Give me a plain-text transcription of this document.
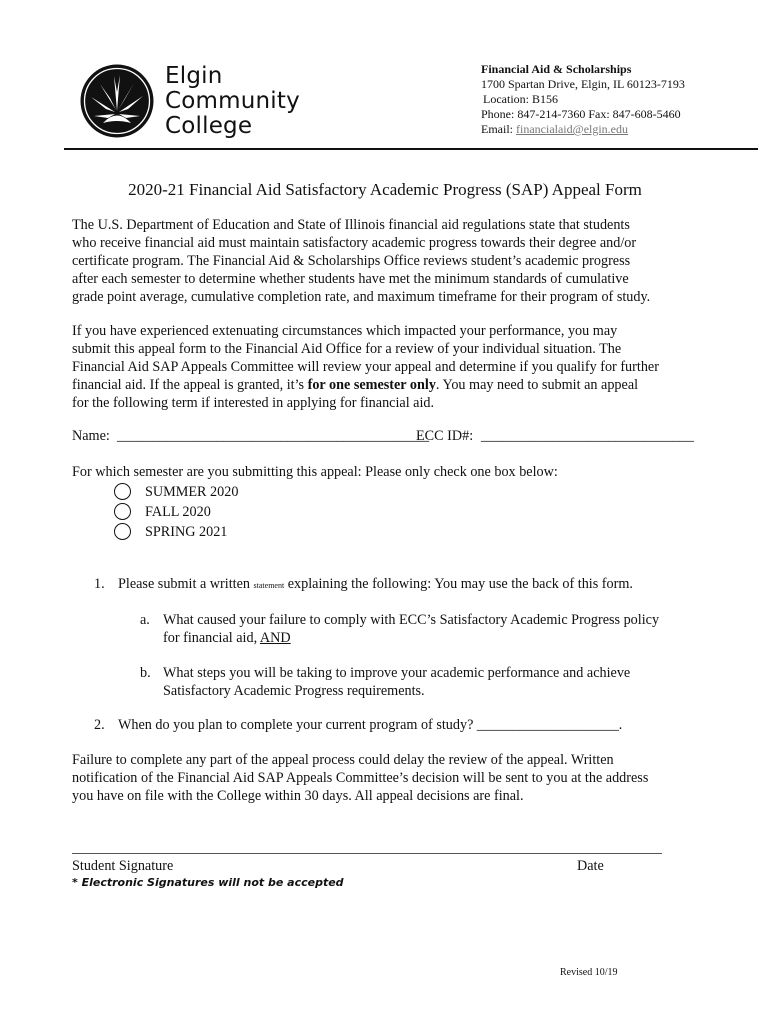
Elgin
Community
College
Financial Aid & Scholarships
1700 Spartan Drive, Elgin, IL 60123-7193
Location: B156
Phone: 847-214-7360 Fax: 847-608-5460
Email: financialaid@elgin.edu
2020-21 Financial Aid Satisfactory Academic Progress (SAP) Appeal Form
The U.S. Department of Education and State of Illinois financial aid regulations state that students
who receive financial aid must maintain satisfactory academic progress towards their degree and/or
certificate program. The Financial Aid & Scholarships Office reviews student’s academic progress
after each semester to determine whether students have met the minimum standards of cumulative
grade point average, cumulative completion rate, and maximum timeframe for their program of study.
If you have experienced extenuating circumstances which impacted your performance, you may
submit this appeal form to the Financial Aid Office for a review of your individual situation. The
Financial Aid SAP Appeals Committee will review your appeal and determine if you qualify for further
financial aid. If the appeal is granted, it’s for one semester only. You may need to submit an appeal
for the following term if interested in applying for financial aid.
Name: ____________________________________________
ECC ID#: ______________________________
For which semester are you submitting this appeal: Please only check one box below:
SUMMER 2020
FALL 2020
SPRING 2021
1. Please submit a written statement explaining the following: You may use the back of this form.
a. What caused your failure to comply with ECC’s Satisfactory Academic Progress policy
for financial aid, AND
b. What steps you will be taking to improve your academic performance and achieve
Satisfactory Academic Progress requirements.
2. When do you plan to complete your current program of study? ____________________.
Failure to complete any part of the appeal process could delay the review of the appeal. Written
notification of the Financial Aid SAP Appeals Committee’s decision will be sent to you at the address
you have on file with the College within 30 days. All appeal decisions are final.
Student Signature	Date
* Electronic Signatures will not be accepted
Revised 10/19
